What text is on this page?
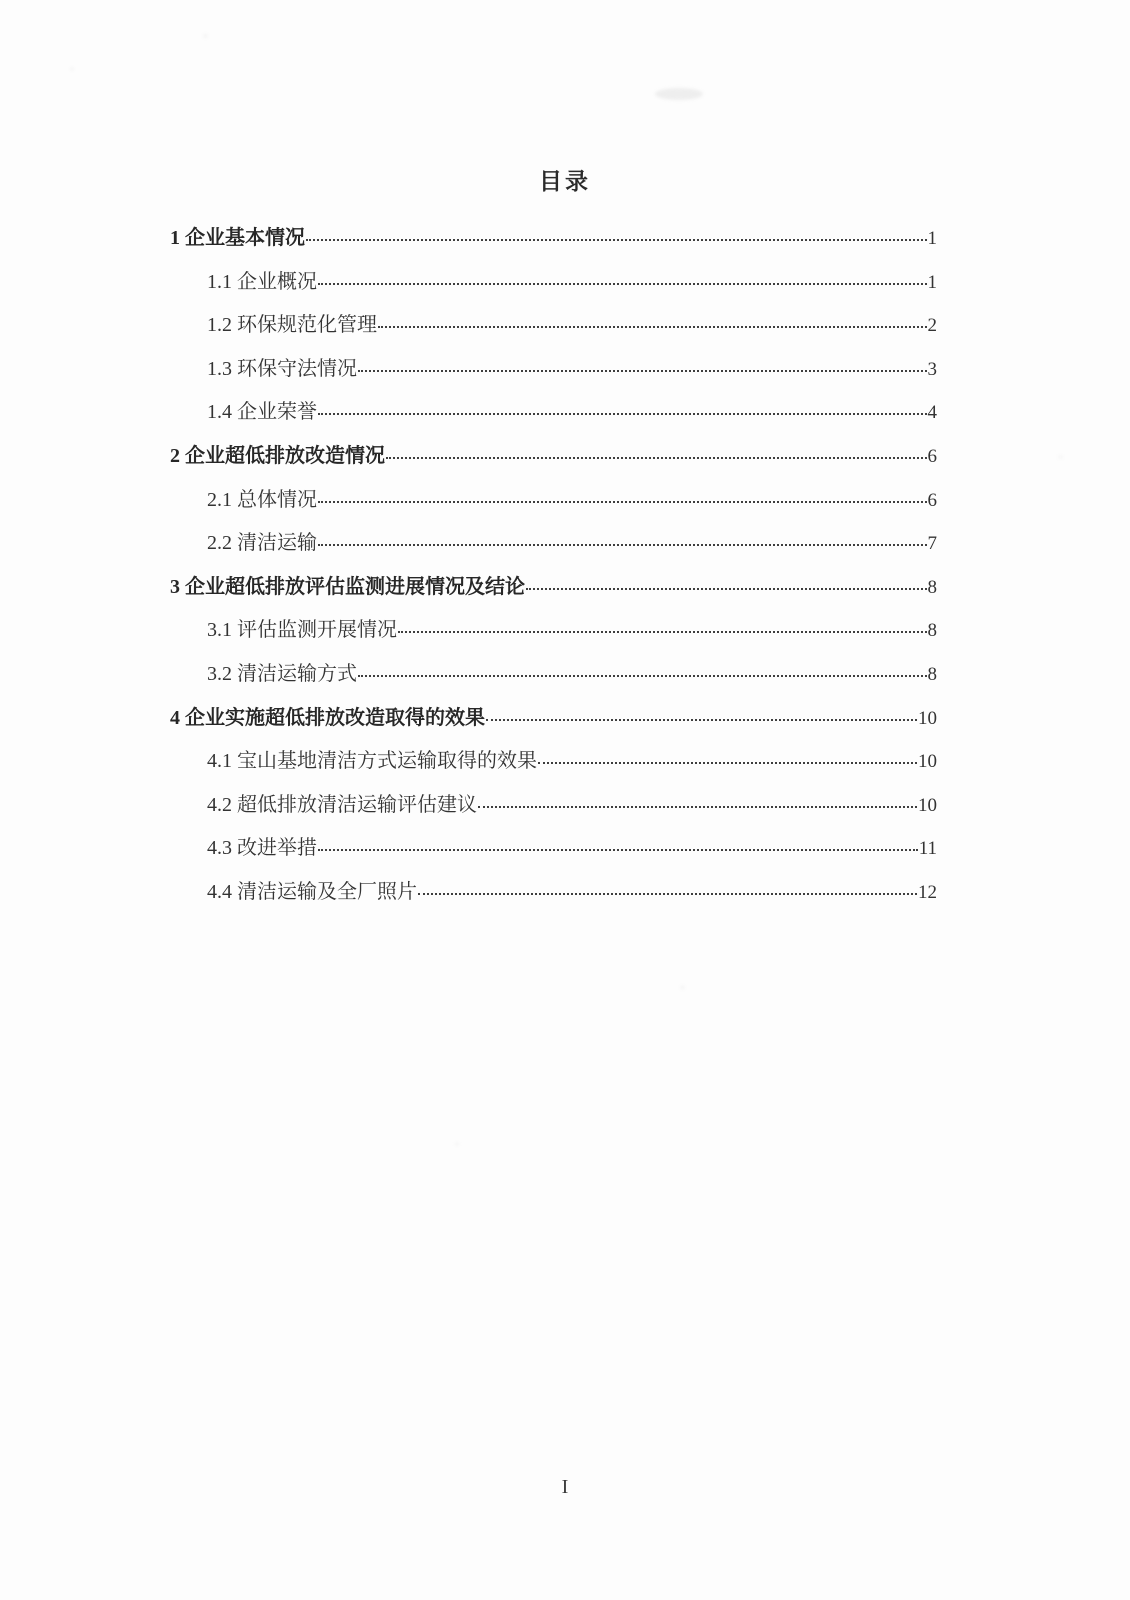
目录
1 企业基本情况	1
1.1 企业概况	1
1.2 环保规范化管理	2
1.3 环保守法情况	3
1.4 企业荣誉	4
2 企业超低排放改造情况	6
2.1 总体情况	6
2.2 清洁运输	7
3 企业超低排放评估监测进展情况及结论	8
3.1 评估监测开展情况	8
3.2 清洁运输方式	8
4 企业实施超低排放改造取得的效果	10
4.1 宝山基地清洁方式运输取得的效果	10
4.2 超低排放清洁运输评估建议	10
4.3 改进举措	11
4.4 清洁运输及全厂照片	12
I
